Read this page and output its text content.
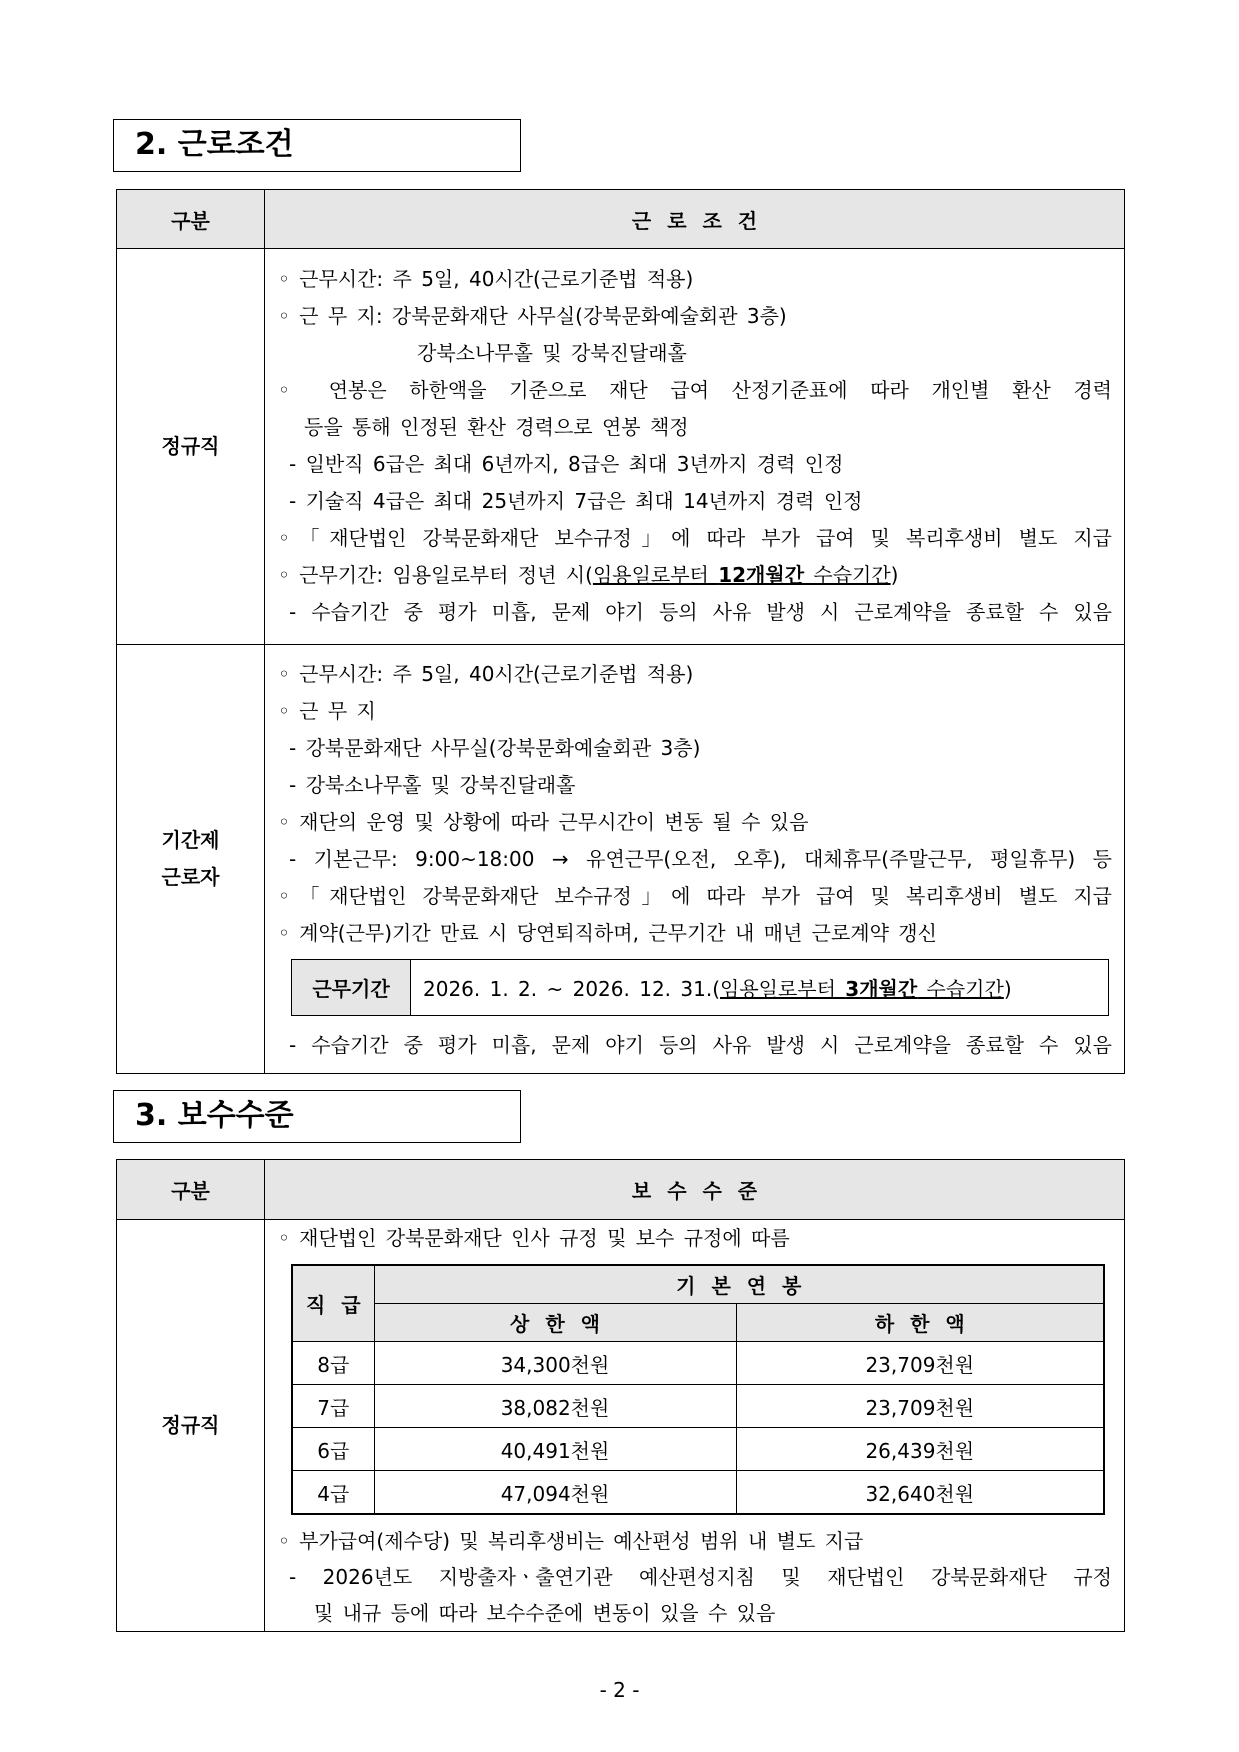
2. 근로조건
구분	근 로 조 건
정규직	
◦ 근무시간: 주 5일, 40시간(근로기준법 적용)
◦ 근 무 지: 강북문화재단 사무실(강북문화예술회관 3층)
강북소나무홀 및 강북진달래홀
◦ 연봉은 하한액을 기준으로 재단 급여 산정기준표에 따라 개인별 환산 경력
등을 통해 인정된 환산 경력으로 연봉 책정
- 일반직 6급은 최대 6년까지, 8급은 최대 3년까지 경력 인정
- 기술직 4급은 최대 25년까지 7급은 최대 14년까지 경력 인정
◦「재단법인 강북문화재단 보수규정」에 따라 부가 급여 및 복리후생비 별도 지급
◦ 근무기간: 임용일로부터 정년 시(임용일로부터 12개월간 수습기간)
- 수습기간 중 평가 미흡, 문제 야기 등의 사유 발생 시 근로계약을 종료할 수 있음

기간제
근로자

◦ 근무시간: 주 5일, 40시간(근로기준법 적용)
◦ 근 무 지
- 강북문화재단 사무실(강북문화예술회관 3층)
- 강북소나무홀 및 강북진달래홀
◦ 재단의 운영 및 상황에 따라 근무시간이 변동 될 수 있음
- 기본근무: 9:00~18:00 → 유연근무(오전, 오후), 대체휴무(주말근무, 평일휴무) 등
◦「재단법인 강북문화재단 보수규정」에 따라 부가 급여 및 복리후생비 별도 지급
◦ 계약(근무)기간 만료 시 당연퇴직하며, 근무기간 내 매년 근로계약 갱신
근무기간	2026. 1. 2. ~ 2026. 12. 31.(임용일로부터 3개월간 수습기간)
- 수습기간 중 평가 미흡, 문제 야기 등의 사유 발생 시 근로계약을 종료할 수 있음
3. 보수수준
구분	보 수 수 준
정규직	
◦ 재단법인 강북문화재단 인사 규정 및 보수 규정에 따름
직 급	기 본 연 봉
상 한 액	하 한 액
8급	34,300천원	23,709천원
7급	38,082천원	23,709천원
6급	40,491천원	26,439천원
4급	47,094천원	32,640천원
◦ 부가급여(제수당) 및 복리후생비는 예산편성 범위 내 별도 지급
- 2026년도 지방출자ㆍ출연기관 예산편성지침 및 재단법인 강북문화재단 규정
및 내규 등에 따라 보수수준에 변동이 있을 수 있음
- 2 -
